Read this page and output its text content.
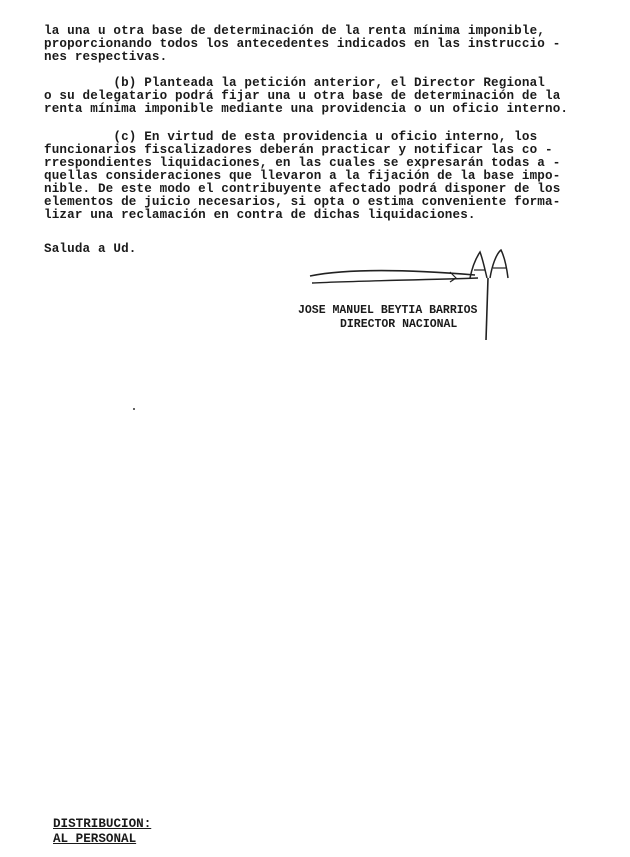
la una u otra base de determinación de la renta mínima imponible,

proporcionando todos los antecedentes indicados en las instruccio -

nes respectivas.

(b) Planteada la petición anterior, el Director Regional

o su delegatario podrá fijar una u otra base de determinación de la

renta mínima imponible mediante una providencia o un oficio interno.

(c) En virtud de esta providencia u oficio interno, los

funcionarios fiscalizadores deberán practicar y notificar las co -

rrespondientes liquidaciones, en las cuales se expresarán todas a -

quellas consideraciones que llevaron a la fijación de la base impo-

nible. De este modo el contribuyente afectado podrá disponer de los

elementos de juicio necesarios, si opta o estima conveniente forma-

lizar una reclamación en contra de dichas liquidaciones.

Saluda a Ud.

JOSE MANUEL BEYTIA BARRIOS

DIRECTOR NACIONAL

DISTRIBUCION:

AL PERSONAL
